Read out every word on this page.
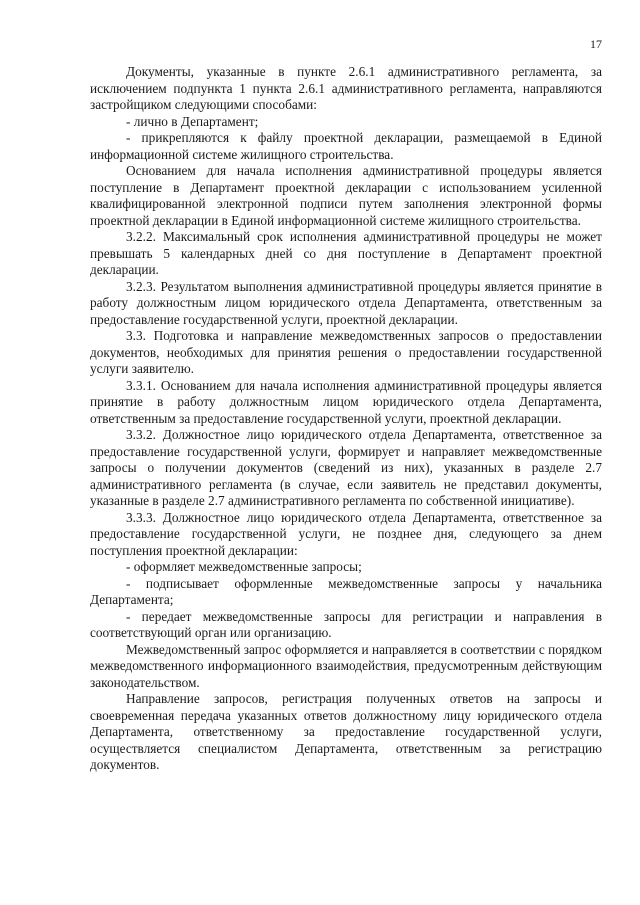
17

Документы, указанные в пункте 2.6.1 административного регламента, за исключением подпункта 1 пункта 2.6.1 административного регламента, направляются застройщиком следующими способами:

- лично в Департамент;

- прикрепляются к файлу проектной декларации, размещаемой в Единой информационной системе жилищного строительства.

Основанием для начала исполнения административной процедуры является поступление в Департамент проектной декларации с использованием усиленной квалифицированной электронной подписи путем заполнения электронной формы проектной декларации в Единой информационной системе жилищного строительства.

3.2.2. Максимальный срок исполнения административной процедуры не может превышать 5 календарных дней со дня поступление в Департамент проектной декларации.

3.2.3. Результатом выполнения административной процедуры является принятие в работу должностным лицом юридического отдела Департамента, ответственным за предоставление государственной услуги, проектной декларации.

3.3. Подготовка и направление межведомственных запросов о предоставлении документов, необходимых для принятия решения о предоставлении государственной услуги заявителю.

3.3.1. Основанием для начала исполнения административной процедуры является принятие в работу должностным лицом юридического отдела Департамента, ответственным за предоставление государственной услуги, проектной декларации.

3.3.2. Должностное лицо юридического отдела Департамента, ответственное за предоставление государственной услуги, формирует и направляет межведомственные запросы о получении документов (сведений из них), указанных в разделе 2.7 административного регламента (в случае, если заявитель не представил документы, указанные в разделе 2.7 административного регламента по собственной инициативе).

3.3.3. Должностное лицо юридического отдела Департамента, ответственное за предоставление государственной услуги, не позднее дня, следующего за днем поступления проектной декларации:

- оформляет межведомственные запросы;

- подписывает оформленные межведомственные запросы у начальника Департамента;

- передает межведомственные запросы для регистрации и направления в соответствующий орган или организацию.

Межведомственный запрос оформляется и направляется в соответствии с порядком межведомственного информационного взаимодействия, предусмотренным действующим законодательством.

Направление запросов, регистрация полученных ответов на запросы и своевременная передача указанных ответов должностному лицу юридического отдела Департамента, ответственному за предоставление государственной услуги, осуществляется специалистом Департамента, ответственным за регистрацию документов.
